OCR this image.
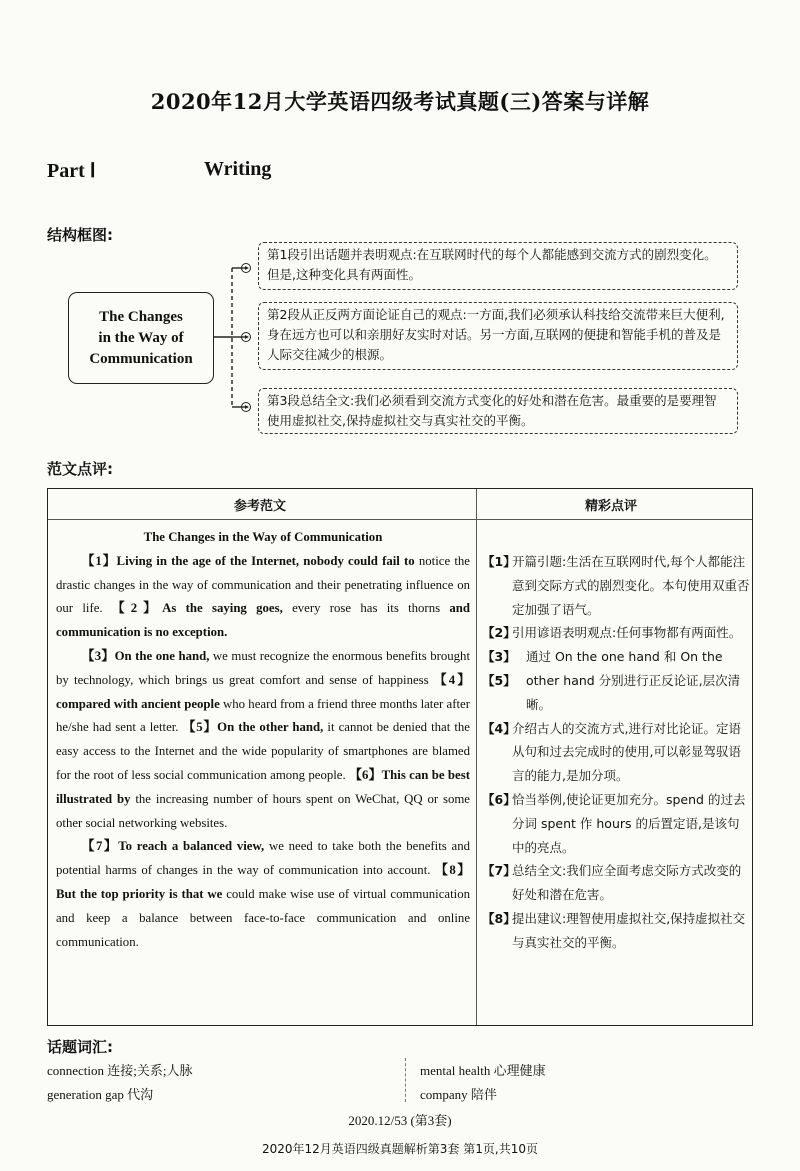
2020年12月大学英语四级考试真题(三)答案与详解
Part Ⅰ	Writing
结构框图:
The Changes
in the Way of
Communication
第1段引出话题并表明观点:在互联网时代的每个人都能感到交流方式的剧烈变化。但是,这种变化具有两面性。
第2段从正反两方面论证自己的观点:一方面,我们必须承认科技给交流带来巨大便利,身在远方也可以和亲朋好友实时对话。另一方面,互联网的便捷和智能手机的普及是人际交往减少的根源。
第3段总结全文:我们必须看到交流方式变化的好处和潜在危害。最重要的是要理智使用虚拟社交,保持虚拟社交与真实社交的平衡。
范文点评:
参考范文	精彩点评
The Changes in the Way of Communication

【1】Living in the age of the Internet, nobody could fail to notice the drastic changes in the way of communication and their penetrating influence on our life. 【2】As the saying goes, every rose has its thorns and communication is no exception.

【3】On the one hand, we must recognize the enormous benefits brought by technology, which brings us great comfort and sense of happiness 【4】compared with ancient people who heard from a friend three months later after he/she had sent a letter. 【5】On the other hand, it cannot be denied that the easy access to the Internet and the wide popularity of smartphones are blamed for the root of less social communication among people. 【6】This can be best illustrated by the increasing number of hours spent on WeChat, QQ or some other social networking websites.

【7】To reach a balanced view, we need to take both the benefits and potential harms of changes in the way of communication into account. 【8】But the top priority is that we could make wise use of virtual communication and keep a balance between face-to-face communication and online communication.

【1】
开篇引题:生活在互联网时代,每个人都能注意到交际方式的剧烈变化。本句使用双重否定加强了语气。
【2】
引用谚语表明观点:任何事物都有两面性。
【3】【5】
通过 On the one hand 和 On the other hand 分别进行正反论证,层次清晰。
【4】
介绍古人的交流方式,进行对比论证。定语从句和过去完成时的使用,可以彰显驾驭语言的能力,是加分项。
【6】
恰当举例,使论证更加充分。spend 的过去分词 spent 作 hours 的后置定语,是该句中的亮点。
【7】
总结全文:我们应全面考虑交际方式改变的好处和潜在危害。
【8】
提出建议:理智使用虚拟社交,保持虚拟社交与真实社交的平衡。
话题词汇:
connection 连接;关系;人脉
generation gap 代沟
mental health 心理健康
company 陪伴
2020.12/53 (第3套)
2020年12月英语四级真题解析第3套 第1页,共10页
